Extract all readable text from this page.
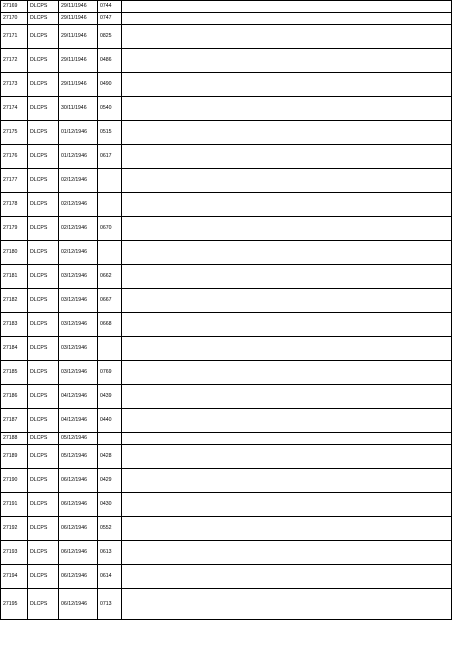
27169	DLCPS	29/11/1946	0744	
27170	DLCPS	29/11/1946	0747	
27171	DLCPS	29/11/1946	0825	
27172	DLCPS	29/11/1946	0486	
27173	DLCPS	29/11/1946	0490	
27174	DLCPS	30/11/1946	0540	
27175	DLCPS	01/12/1946	0515	
27176	DLCPS	01/12/1946	0617	
27177	DLCPS	02/12/1946		
27178	DLCPS	02/12/1946		
27179	DLCPS	02/12/1946	0670	
27180	DLCPS	02/12/1946		
27181	DLCPS	03/12/1946	0662	
27182	DLCPS	03/12/1946	0667	
27183	DLCPS	03/12/1946	0668	
27184	DLCPS	03/12/1946		
27185	DLCPS	03/12/1946	0769	
27186	DLCPS	04/12/1946	0439	
27187	DLCPS	04/12/1946	0440	
27188	DLCPS	05/12/1946		
27189	DLCPS	05/12/1946	0428	
27190	DLCPS	06/12/1946	0429	
27191	DLCPS	06/12/1946	0430	
27192	DLCPS	06/12/1946	0552	
27193	DLCPS	06/12/1946	0613	
27194	DLCPS	06/12/1946	0614	
27195	DLCPS	06/12/1946	0713	
